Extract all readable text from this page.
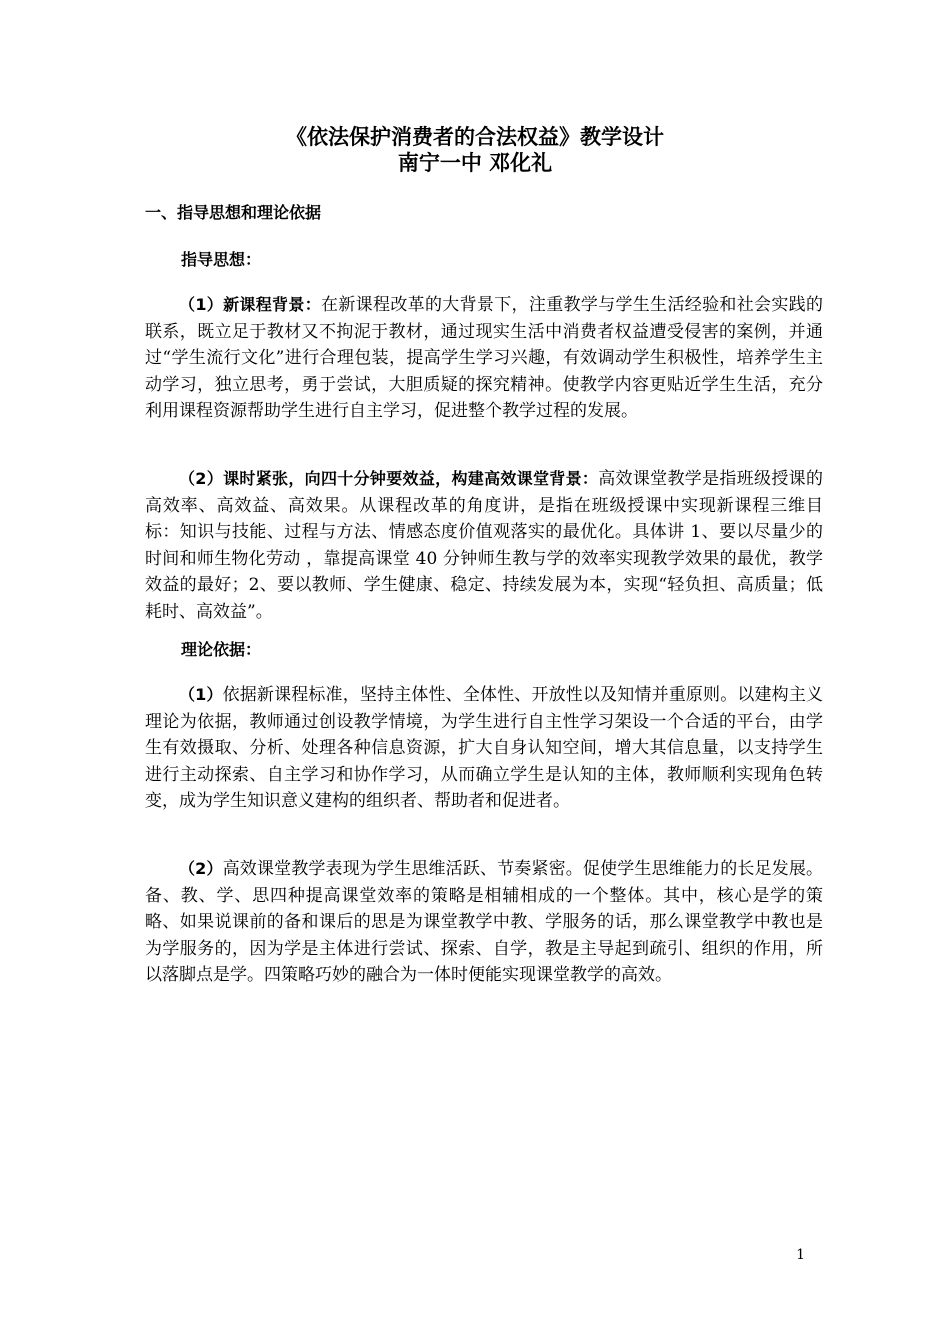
《依法保护消费者的合法权益》教学设计
南宁一中 邓化礼
一、指导思想和理论依据
指导思想：
（1）新课程背景：在新课程改革的大背景下，注重教学与学生生活经验和社会实践的联系，既立足于教材又不拘泥于教材，通过现实生活中消费者权益遭受侵害的案例，并通过“学生流行文化”进行合理包装，提高学生学习兴趣，有效调动学生积极性，培养学生主动学习，独立思考，勇于尝试，大胆质疑的探究精神。使教学内容更贴近学生生活，充分利用课程资源帮助学生进行自主学习，促进整个教学过程的发展。
（2）课时紧张，向四十分钟要效益，构建高效课堂背景：高效课堂教学是指班级授课的高效率、高效益、高效果。从课程改革的角度讲，是指在班级授课中实现新课程三维目标：知识与技能、过程与方法、情感态度价值观落实的最优化。具体讲 1、要以尽量少的时间和师生物化劳动 ，靠提高课堂 40 分钟师生教与学的效率实现教学效果的最优，教学效益的最好；2、要以教师、学生健康、稳定、持续发展为本，实现“轻负担、高质量；低耗时、高效益”。
理论依据：
（1）依据新课程标准，坚持主体性、全体性、开放性以及知情并重原则。以建构主义理论为依据，教师通过创设教学情境，为学生进行自主性学习架设一个合适的平台，由学生有效摄取、分析、处理各种信息资源，扩大自身认知空间，增大其信息量，以支持学生进行主动探索、自主学习和协作学习，从而确立学生是认知的主体，教师顺利实现角色转变，成为学生知识意义建构的组织者、帮助者和促进者。
（2）高效课堂教学表现为学生思维活跃、节奏紧密。促使学生思维能力的长足发展。备、教、学、思四种提高课堂效率的策略是相辅相成的一个整体。其中，核心是学的策略、如果说课前的备和课后的思是为课堂教学中教、学服务的话，那么课堂教学中教也是为学服务的，因为学是主体进行尝试、探索、自学，教是主导起到疏引、组织的作用，所以落脚点是学。四策略巧妙的融合为一体时便能实现课堂教学的高效。
1
